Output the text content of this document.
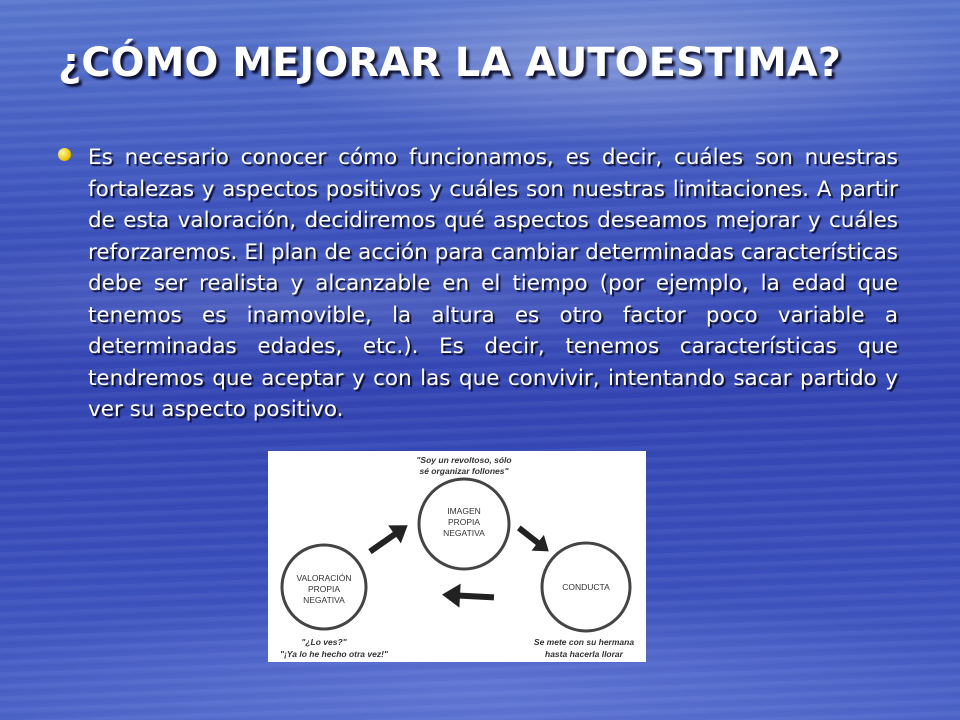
¿CÓMO MEJORAR LA AUTOESTIMA?

Es necesario conocer cómo funcionamos, es decir, cuáles son nuestras fortalezas y aspectos positivos y cuáles son nuestras limitaciones. A partir de esta valoración, decidiremos qué aspectos deseamos mejorar y cuáles reforzaremos. El plan de acción para cambiar determinadas características debe ser realista y alcanzable en el tiempo (por ejemplo, la edad que tenemos es inamovible, la altura es otro factor poco variable a determinadas edades, etc.). Es decir, tenemos características que tendremos que aceptar y con las que convivir, intentando sacar partido y ver su aspecto positivo.

"Soy un revoltoso, sólo
sé organizar follones"
IMAGEN
PROPIA
NEGATIVA
CONDUCTA
VALORACIÓN
PROPIA
NEGATIVA
"¿Lo ves?"
"¡Ya lo he hecho otra vez!"
Se mete con su hermana
hasta hacerla llorar
